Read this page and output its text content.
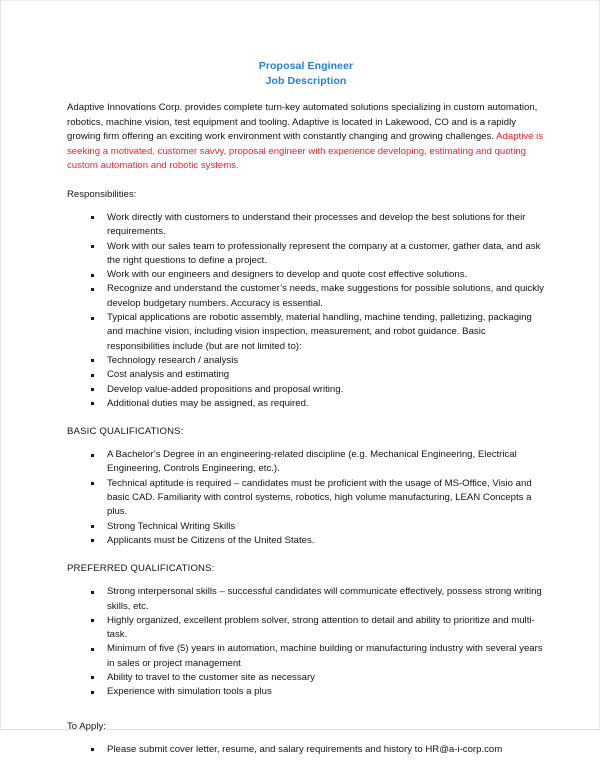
Proposal Engineer
Job Description

Adaptive Innovations Corp. provides complete turn-key automated solutions specializing in custom automation, robotics, machine vision, test equipment and tooling. Adaptive is located in Lakewood, CO and is a rapidly growing firm offering an exciting work environment with constantly changing and growing challenges. Adaptive is seeking a motivated, customer savvy, proposal engineer with experience developing, estimating and quoting custom automation and robotic systems.

Responsibilities:
Work directly with customers to understand their processes and develop the best solutions for their requirements.
Work with our sales team to professionally represent the company at a customer, gather data, and ask the right questions to define a project.
Work with our engineers and designers to develop and quote cost effective solutions.
Recognize and understand the customer’s needs, make suggestions for possible solutions, and quickly develop budgetary numbers. Accuracy is essential.
Typical applications are robotic assembly, material handling, machine tending, palletizing, packaging and machine vision, including vision inspection, measurement, and robot guidance. Basic responsibilities include (but are not limited to):
Technology research / analysis
Cost analysis and estimating
Develop value-added propositions and proposal writing.
Additional duties may be assigned, as required.
BASIC QUALIFICATIONS:
A Bachelor’s Degree in an engineering-related discipline (e.g. Mechanical Engineering, Electrical Engineering, Controls Engineering, etc.).
Technical aptitude is required – candidates must be proficient with the usage of MS-Office, Visio and basic CAD. Familiarity with control systems, robotics, high volume manufacturing, LEAN Concepts a plus.
Strong Technical Writing Skills
Applicants must be Citizens of the United States.
PREFERRED QUALIFICATIONS:
Strong interpersonal skills – successful candidates will communicate effectively, possess strong writing skills, etc.
Highly organized, excellent problem solver, strong attention to detail and ability to prioritize and multi-task.
Minimum of five (5) years in automation, machine building or manufacturing industry with several years in sales or project management
Ability to travel to the customer site as necessary
Experience with simulation tools a plus
To Apply:
Please submit cover letter, resume, and salary requirements and history to HR@a-i-corp.com
